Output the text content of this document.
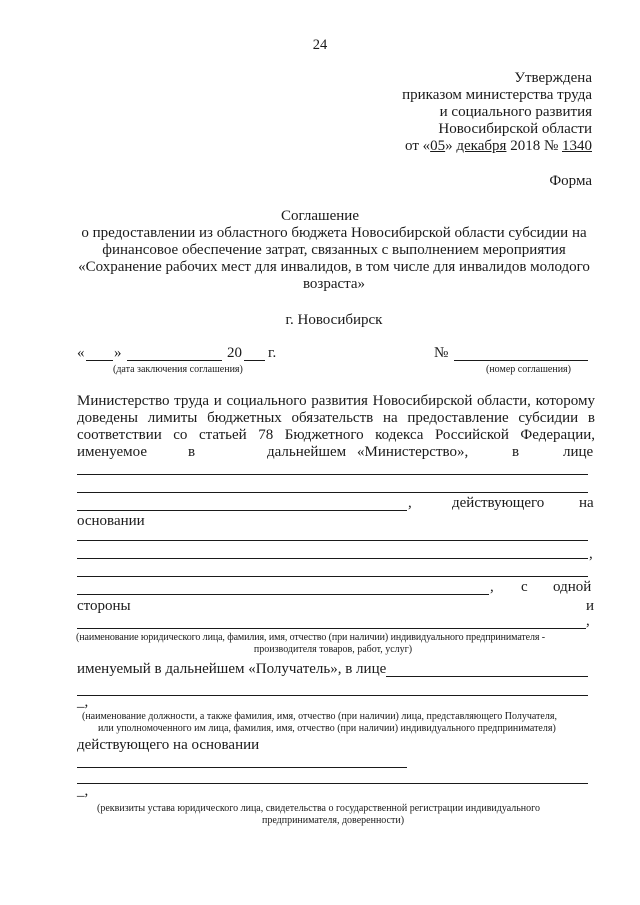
24
Утверждена
приказом министерства труда
и социального развития
Новосибирской области
от «05» декабря 2018 № 1340
Форма
Соглашение
о предоставлении из областного бюджета Новосибирской области субсидии на
финансовое обеспечение затрат, связанных с выполнением мероприятия
«Сохранение рабочих мест для инвалидов, в том числе для инвалидов молодого
возраста»
г. Новосибирск
« »	20 г.
(дата заключения соглашения)
№
(номер соглашения)
Министерство труда и социального развития Новосибирской области, которому
доведены лимиты бюджетных обязательств на предоставление субсидии в
соответствии со статьей 78 Бюджетного кодекса Российской Федерации,
именуемое	в	дальнейшем «Министерство»,	в	лице
,	действующего на
основании
,
, с одной
стороны	и
,
(наименование юридического лица, фамилия, имя, отчество (при наличии) индивидуального предпринимателя -
производителя товаров, работ, услуг)
именуемый в дальнейшем «Получатель», в лице
_,
(наименование должности, а также фамилия, имя, отчество (при наличии) лица, представляющего Получателя,
или уполномоченного им лица, фамилия, имя, отчество (при наличии) индивидуального предпринимателя)
действующего на основании
_,
(реквизиты устава юридического лица, свидетельства о государственной регистрации индивидуального
предпринимателя, доверенности)
